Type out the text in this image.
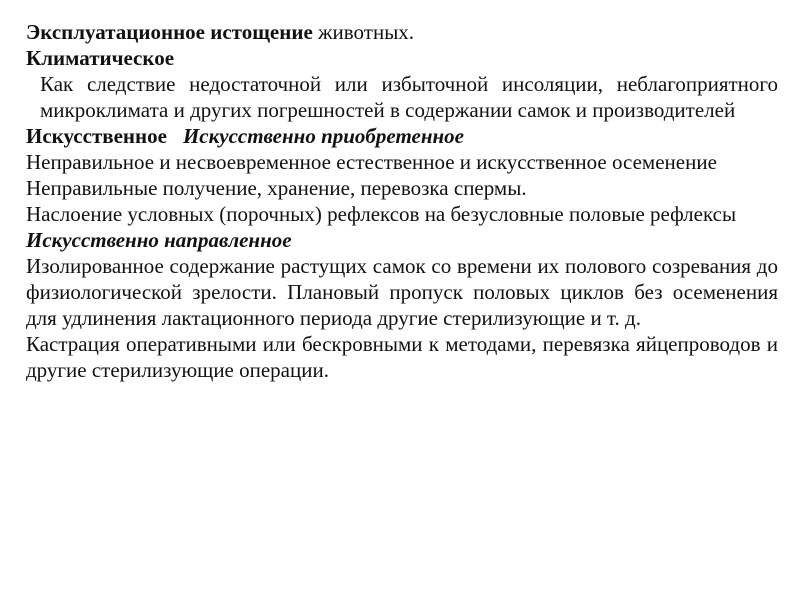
Эксплуатационное истощение животных.
Климатическое
Как следствие недостаточной или избыточной инсоляции, неблагоприятного микроклимата и других погрешностей в содержании самок и производителей
Искусственное Искусственно приобретенное
Неправильное и несвоевременное естественное и искусственное осеменение
Неправильные получение, хранение, перевозка спермы.
Наслоение условных (порочных) рефлексов на безусловные половые рефлексы
Искусственно направленное
Изолированное содержание растущих самок со времени их полового созревания до физиологической зрелости. Плановый пропуск половых циклов без осеменения для удлинения лактационного периода другие стерилизующие и т. д.
Кастрация оперативными или бескровными к методами, перевязка яйцепроводов и другие стерилизующие операции.
